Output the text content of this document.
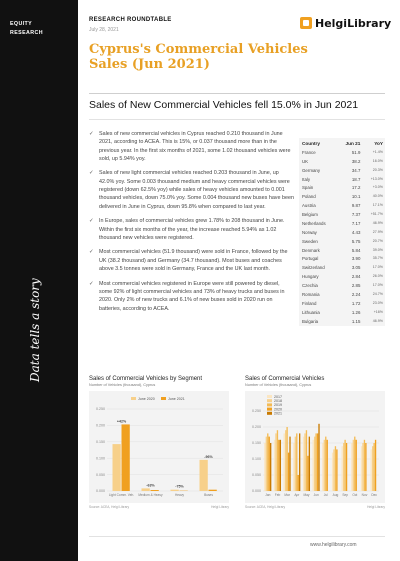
EQUITY
RESEARCH
Data tells a story
RESEARCH ROUNDTABLE
July 28, 2021
HelgiLibrary
Cyprus's Commercial Vehicles Sales (Jun 2021)
Sales of New Commercial Vehicles fell 15.0% in Jun 2021
✓ Sales of new commercial vehicles in Cyprus reached 0.210 thousand in June 2021, according to ACEA. This is 15%, or 0.037 thousand more than in the previous year. In the first six months of 2021, some 1.02 thousand vehicles were sold, up 5.94% yoy.
✓ Sales of new light commercial vehicles reached 0.203 thousand in June, up 42.0% yoy. Some 0.003 thousand medium and heavy commercial vehicles were registered (down 62.5% yoy) while sales of heavy vehicles amounted to 0.001 thousand vehicles, down 75.0% yoy. Some 0.004 thousand new buses have been delivered in June in Cyprus, down 95.8% when compared to last year.
✓ In Europe, sales of commercial vehicles grew 1.78% to 208 thousand in June. Within the first six months of the year, the increase reached 5.94% as 1.02 thousand new vehicles were registered.
✓ Most commercial vehicles (51.9 thousand) were sold in France, followed by the UK (38.2 thousand) and Germany (34.7 thousand). Most buses and coaches above 3.5 tonnes were sold in Germany, France and the UK last month.
✓ Most commercial vehicles registered in Europe were still powered by diesel, some 92% of light commercial vehicles and 73% of heavy trucks and buses in 2020. Only 2% of new trucks and 6.1% of new buses sold in 2020 run on batteries, according to ACEA.
Country	Jun 21	YoY
France	51.9	+1.4%
UK	38.2	16.0%
Germany	34.7	20.3%
Italy	18.7	+13.0%
Spain	17.2	+3.0%
Poland	10.1	40.0%
Austria	9.87	17.1%
Belgium	7.37	+51.7%
Netherlands	7.17	46.9%
Norway	4.43	27.9%
Sweden	5.75	20.7%
Denmark	5.84	39.0%
Portugal	3.90	35.7%
Switzerland	3.05	17.0%
Hungary	2.84	26.0%
Czechia	2.85	17.0%
Romania	2.24	24.7%
Finland	1.72	23.0%
Lithuania	1.26	+16%
Bulgaria	1.15	46.9%
Sales of Commercial Vehicles by Segment
Number of Vehicles (thousand), Cyprus
0.000
0.050
0.100
0.150
0.200
0.250
Light Comm. Veh.
+42%
Medium & Heavy
-63%
Heavy
-75%
Buses
-96%
June 2020	June 2021
Source: ACEA, Helgi Library	Helgi Library
Sales of Commercial Vehicles
Number of Vehicles (thousand), Cyprus
0.000
0.050
0.100
0.150
0.200
0.250
Jan Feb Mar Apr May Jun Jul Aug Sep Oct Nov Dec
2017
2018
2019
2020
2021
Source: ACEA, Helgi Library	Helgi Library
www.helgilibrary.com
